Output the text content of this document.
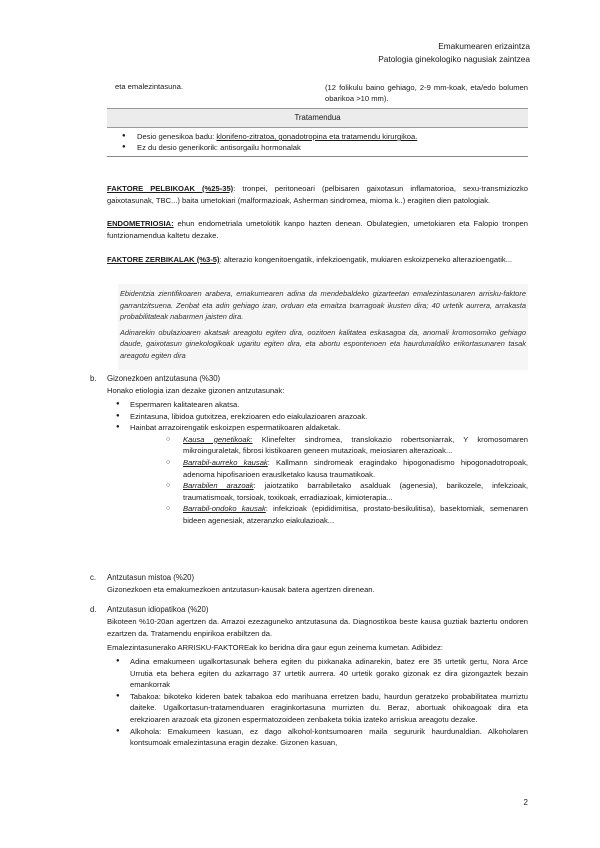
Emakumearen erizaintza
Patologia ginekologiko nagusiak zaintzea
eta emalezintasuna.	(12 folikulu baino gehiago, 2-9 mm-koak, eta/edo bolumen obarikoa >10 mm).
Tratamendua
● Desio genesikoa badu: klonifeno-zitratoa, gonadotropina eta tratamendu kirurgikoa.
● Ez du desio generikorik: antisorgailu hormonalak
FAKTORE PELBIKOAK (%25-35): tronpei, peritoneoari (pelbisaren gaixotasun inflamatorioa, sexu-transmiziozko gaixotasunak, TBC...) baita umetokiari (malformazioak, Asherman sindromea, mioma k..) eragiten dien patologiak.
ENDOMETRIOSIA: ehun endometriala umetokitik kanpo hazten denean. Obulategien, umetokiaren eta Falopio tronpen funtzionamendua kaltetu dezake.
FAKTORE ZERBIKALAK (%3-5): alterazio kongenitoengatik, infekzioengatik, mukiaren eskoizpeneko alterazioengatik...

Ebidentzia zientifikoaren arabera, emakumearen adina da mendebaldeko gizarteetan emalezintasunaren arrisku-faktore garrantzitsuena. Zenbat eta adin gehiago izan, orduan eta emaitza txarragoak ikusten dira; 40 urtetik aurrera, arrakasta probabilitateak nabarmen jaisten dira.

Adinarekin obulazioaren akatsak areagotu egiten dira, oozitoen kalitatea eskasagoa da, anomali kromosomiko gehiago daude, gaixotasun ginekologikoak ugaritu egiten dira, eta abortu espontenoen eta haurdunaldiko erikortasunaren tasak areagotu egiten dira

b. Gizonezkoen antzutasuna (%30)
Honako etiologia izan dezake gizonen antzutasunak:
● Espermaren kalitatearen akatsa.
● Ezintasuna, libidoa gutxitzea, erekzioaren edo eiakulazioaren arazoak.
● Hainbat arrazoirengatik eskoizpen espermatikoaren aldaketak.
○ Kausa genetikoak: Klinefelter sindromea, translokazio robertsoniarrak, Y kromosomaren mikroinguraletak, fibrosi kistikoaren geneen mutazioak, meiosiaren alterazioak...
○ Barrabil-aurreko kausak: Kallmann sindromeak eragindako hipogonadismo hipogonadotropoak, adenoma hipofisarioen erauslketako kausa traumatikoak.
○ Barrabilen arazoak: jaiotzatiko barrabiletako asalduak (agenesia), barikozele, infekzioak, traumatismoak, torsioak, toxikoak, erradiazioak, kimioterapia...
○ Barrabil-ondoko kausak: infekzioak (epididimitisa, prostato-besikulitisa), basektomiak, semenaren bideen agenesiak, atzeranzko eiakulazioak...
c. Antzutasun mistoa (%20)
Gizonezkoen eta emakumezkoen antzutasun-kausak batera agertzen direnean.
d. Antzutasun idiopatikoa (%20)
Bikoteen %10-20an agertzen da. Arrazoi ezezaguneko antzutasuna da. Diagnostikoa beste kausa guztiak baztertu ondoren ezartzen da. Tratamendu enpirikoa erabiltzen da.
Emalezintasunerako ARRISKU-FAKTOREak ko beridna dira gaur egun zeinema kumetan. Adibidez:
● Adina emakumeen ugalkortasunak behera egiten du pixkanaka adinarekin, batez ere 35 urtetik gertu, Nora Arce Urrutia eta behera egiten du azkarrago 37 urtetik aurrera. 40 urtetik gorako gizonak ez dira gizongaztek bezain emankorrak
● Tabakoa: bikoteko kideren batek tabakoa edo marihuana erretzen badu, haurdun geratzeko probabilitatea murriztu daiteke. Ugalkortasun-tratamenduaren eraginkortasuna murrizten du. Beraz, abortuak ohikoagoak dira eta erekzioaren arazoak eta gizonen espermatozoideen zenbaketa txikia izateko arriskua areagotu dezake.
● Alkohola: Emakumeen kasuan, ez dago alkohol-kontsumoaren maila segururik haurdunaldian. Alkoholaren kontsumoak emalezintasuna eragin dezake. Gizonen kasuan,
2
